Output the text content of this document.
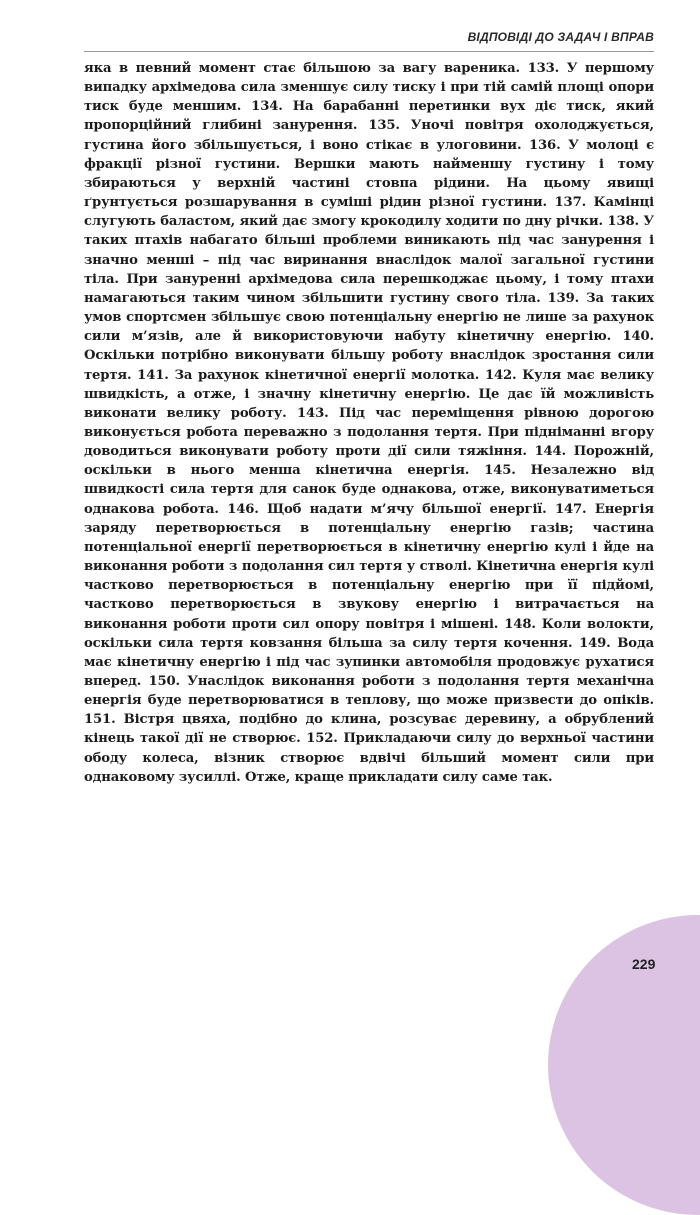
ВІДПОВІДІ ДО ЗАДАЧ І ВПРАВ

яка в певний момент стає більшою за вагу вареника. 133. У першому випадку архімедова сила зменшує силу тиску і при тій самій площі опори тиск буде меншим. 134. На барабанні перетинки вух діє тиск, який пропорційний глибині занурення. 135. Уночі повітря охолоджується, густина його збільшується, і воно стікає в улоговини. 136. У молоці є фракції різної густини. Вершки мають найменшу густину і тому збираються у верхній частині стовпа рідини. На цьому явищі ґрунтується розшарування в суміші рідин різної густини. 137. Камінці слугують баластом, який дає змогу крокодилу ходити по дну річки. 138. У таких птахів набагато більші проблеми виникають під час занурення і значно менші – під час виринання внаслідок малої загальної густини тіла. При зануренні архімедова сила перешкоджає цьому, і тому птахи намагаються таким чином збільшити густину свого тіла. 139. За таких умов спортсмен збільшує свою потенціальну енергію не лише за рахунок сили м’язів, але й використовуючи набуту кінетичну енергію. 140. Оскільки потрібно виконувати більшу роботу внаслідок зростання сили тертя. 141. За рахунок кінетичної енергії молотка. 142. Куля має велику швидкість, а отже, і значну кінетичну енергію. Це дає їй можливість виконати велику роботу. 143. Під час переміщення рівною дорогою виконується робота переважно з подолання тертя. При підніманні вгору доводиться виконувати роботу проти дії сили тяжіння. 144. Порожній, оскільки в нього менша кінетична енергія. 145. Незалежно від швидкості сила тертя для санок буде однакова, отже, виконуватиметься однакова робота. 146. Щоб надати м’ячу більшої енергії. 147. Енергія заряду перетворюється в потенціальну енергію газів; частина потенціальної енергії перетворюється в кінетичну енергію кулі і йде на виконання роботи з подолання сил тертя у стволі. Кінетична енергія кулі частково перетворюється в потенціальну енергію при її підйомі, частково перетворюється в звукову енергію і витрачається на виконання роботи проти сил опору повітря і мішені. 148. Коли волокти, оскільки сила тертя ковзання більша за силу тертя кочення. 149. Вода має кінетичну енергію і під час зупинки автомобіля продовжує рухатися вперед. 150. Унаслідок виконання роботи з подолання тертя механічна енергія буде перетворюватися в теплову, що може призвести до опіків. 151. Вістря цвяха, подібно до клина, розсуває деревину, а обрублений кінець такої дії не створює. 152. Прикладаючи силу до верхньої частини ободу колеса, візник створює вдвічі більший момент сили при однаковому зусиллі. Отже, краще прикладати силу саме так.

229
